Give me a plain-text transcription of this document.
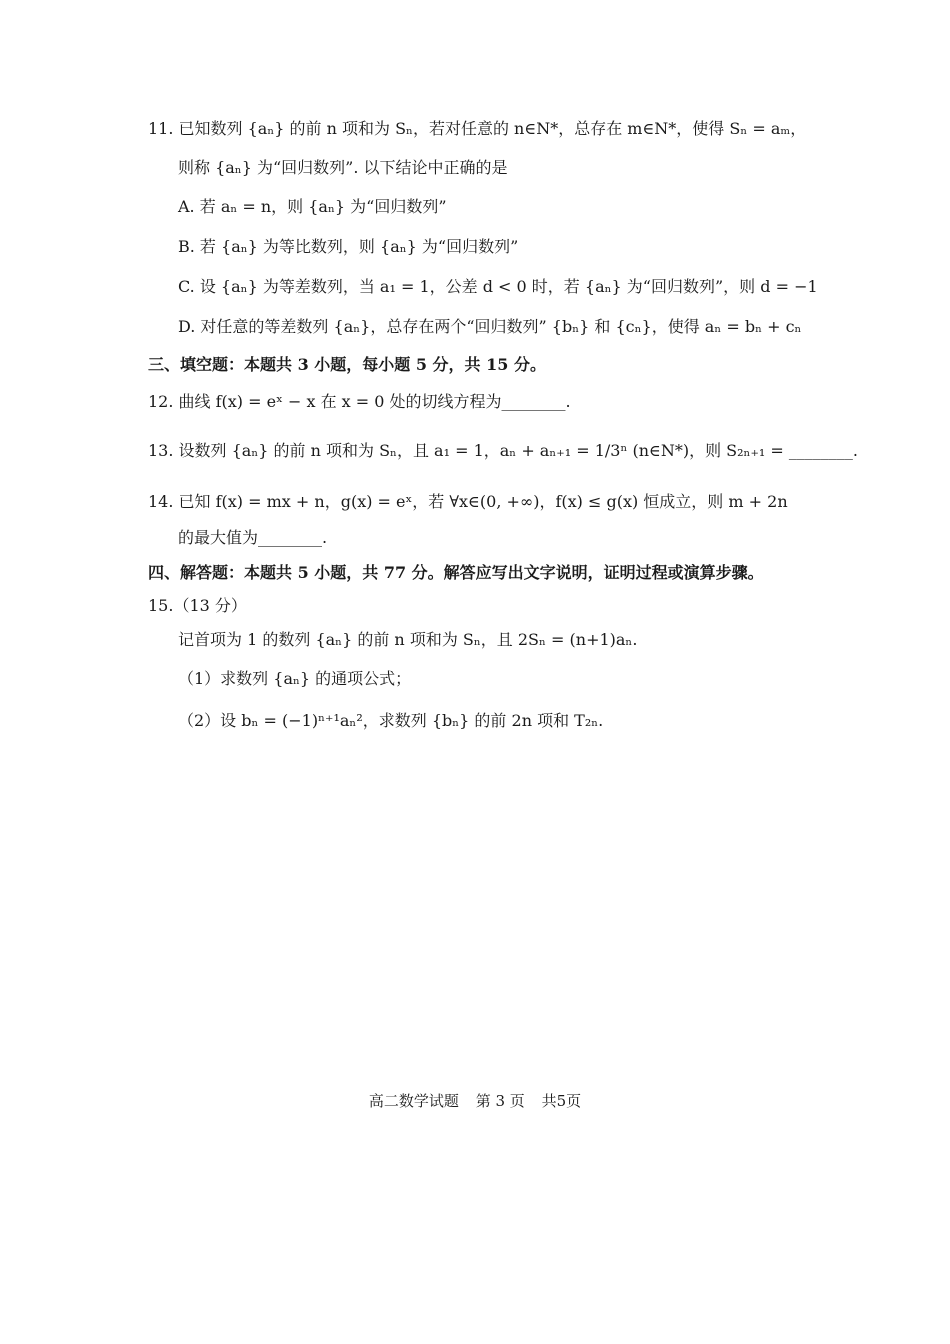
11. 已知数列 {aₙ} 的前 n 项和为 Sₙ，若对任意的 n∈N*，总存在 m∈N*，使得 Sₙ = aₘ，
则称 {aₙ} 为“回归数列”. 以下结论中正确的是
A. 若 aₙ = n，则 {aₙ} 为“回归数列”
B. 若 {aₙ} 为等比数列，则 {aₙ} 为“回归数列”
C. 设 {aₙ} 为等差数列，当 a₁ = 1，公差 d < 0 时，若 {aₙ} 为“回归数列”，则 d = −1
D. 对任意的等差数列 {aₙ}，总存在两个“回归数列” {bₙ} 和 {cₙ}，使得 aₙ = bₙ + cₙ
三、填空题：本题共 3 小题，每小题 5 分，共 15 分。
12. 曲线 f(x) = eˣ − x 在 x = 0 处的切线方程为________.
13. 设数列 {aₙ} 的前 n 项和为 Sₙ，且 a₁ = 1，aₙ + aₙ₊₁ = 1/3ⁿ (n∈N*)，则 S₂ₙ₊₁ = ________.
14. 已知 f(x) = mx + n，g(x) = eˣ，若 ∀x∈(0, +∞)，f(x) ≤ g(x) 恒成立，则 m + 2n
的最大值为________.
四、解答题：本题共 5 小题，共 77 分。解答应写出文字说明，证明过程或演算步骤。
15.（13 分）
记首项为 1 的数列 {aₙ} 的前 n 项和为 Sₙ，且 2Sₙ = (n+1)aₙ.
（1）求数列 {aₙ} 的通项公式；
（2）设 bₙ = (−1)ⁿ⁺¹aₙ²，求数列 {bₙ} 的前 2n 项和 T₂ₙ.
高二数学试题 第 3 页 共5页
